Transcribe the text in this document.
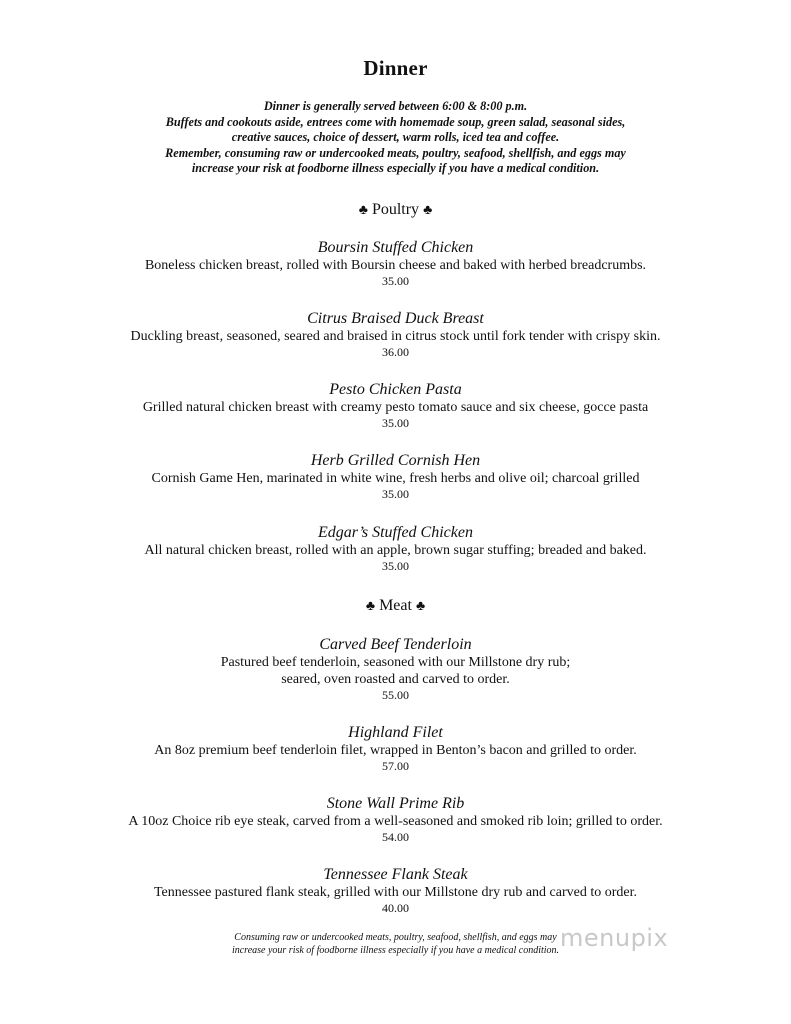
Dinner
Dinner is generally served between 6:00 & 8:00 p.m.
Buffets and cookouts aside, entrees come with homemade soup, green salad, seasonal sides,
creative sauces, choice of dessert, warm rolls, iced tea and coffee.
Remember, consuming raw or undercooked meats, poultry, seafood, shellfish, and eggs may
increase your risk at foodborne illness especially if you have a medical condition.
♣ Poultry ♣
Boursin Stuffed Chicken
Boneless chicken breast, rolled with Boursin cheese and baked with herbed breadcrumbs.
35.00
Citrus Braised Duck Breast
Duckling breast, seasoned, seared and braised in citrus stock until fork tender with crispy skin.
36.00
Pesto Chicken Pasta
Grilled natural chicken breast with creamy pesto tomato sauce and six cheese, gocce pasta
35.00
Herb Grilled Cornish Hen
Cornish Game Hen, marinated in white wine, fresh herbs and olive oil; charcoal grilled
35.00
Edgar’s Stuffed Chicken
All natural chicken breast, rolled with an apple, brown sugar stuffing; breaded and baked.
35.00
♣ Meat ♣
Carved Beef Tenderloin
Pastured beef tenderloin, seasoned with our Millstone dry rub;
seared, oven roasted and carved to order.
55.00
Highland Filet
An 8oz premium beef tenderloin filet, wrapped in Benton’s bacon and grilled to order.
57.00
Stone Wall Prime Rib
A 10oz Choice rib eye steak, carved from a well-seasoned and smoked rib loin; grilled to order.
54.00
Tennessee Flank Steak
Tennessee pastured flank steak, grilled with our Millstone dry rub and carved to order.
40.00
Consuming raw or undercooked meats, poultry, seafood, shellfish, and eggs may
increase your risk of foodborne illness especially if you have a medical condition. menupix
